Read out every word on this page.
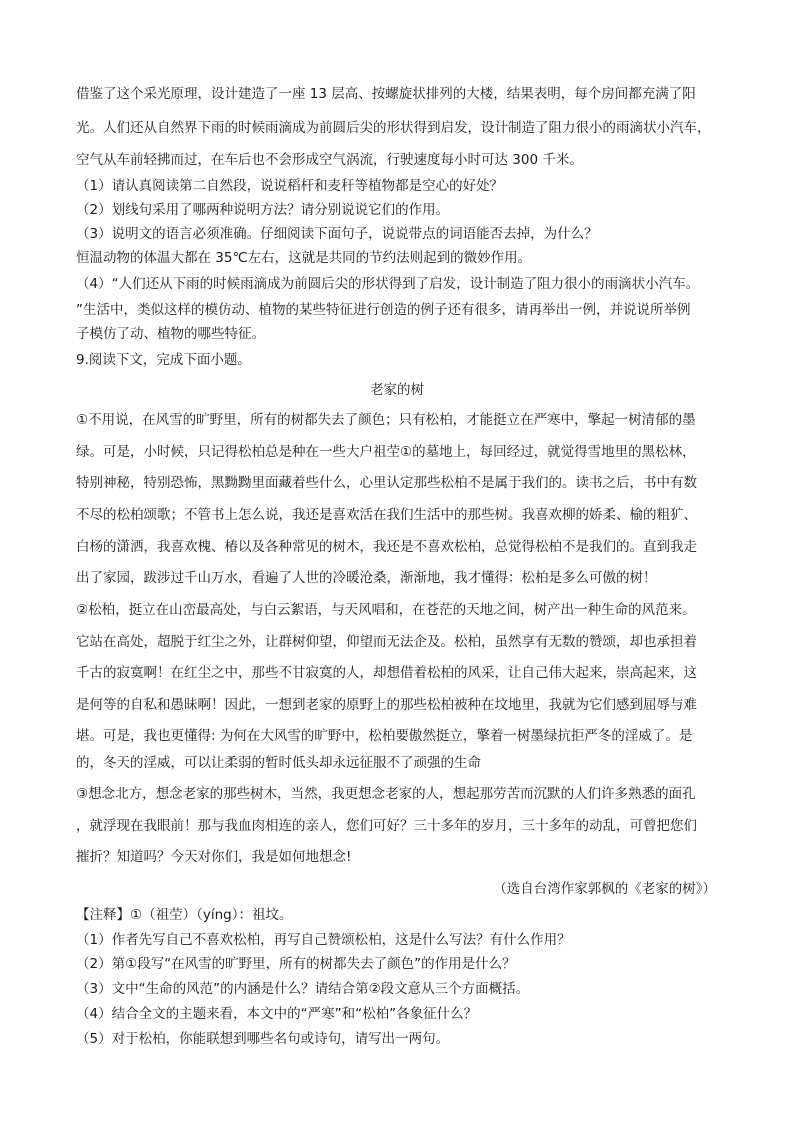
借鉴了这个采光原理，设计建造了一座 13 层高、按螺旋状排列的大楼，结果表明，每个房间都充满了阳
光。人们还从自然界下雨的时候雨滴成为前圆后尖的形状得到启发，设计制造了阻力很小的雨滴状小汽车，
空气从车前轻拂而过，在车后也不会形成空气涡流，行驶速度每小时可达 300 千米。
（1）请认真阅读第二自然段，说说稻杆和麦秆等植物都是空心的好处？
（2）划线句采用了哪两种说明方法？请分别说说它们的作用。
（3）说明文的语言必须准确。仔细阅读下面句子，说说带点的词语能否去掉，为什么？
恒温动物的体温大都在 35℃左右，这就是共同的节约法则起到的微妙作用。
（4）“人们还从下雨的时候雨滴成为前圆后尖的形状得到了启发，设计制造了阻力很小的雨滴状小汽车。
”生活中，类似这样的模仿动、植物的某些特征进行创造的例子还有很多，请再举出一例，并说说所举例
子模仿了动、植物的哪些特征。
9.阅读下文，完成下面小题。
老家的树
①不用说，在风雪的旷野里，所有的树都失去了颜色；只有松柏，才能挺立在严寒中，擎起一树清郁的墨
绿。可是，小时候，只记得松柏总是种在一些大户祖茔①的墓地上，每回经过，就觉得雪地里的黑松林，
特别神秘，特别恐怖，黑黝黝里面藏着些什么，心里认定那些松柏不是属于我们的。读书之后，书中有数
不尽的松柏颂歌；不管书上怎么说，我还是喜欢活在我们生活中的那些树。我喜欢柳的娇柔、榆的粗犷、
白杨的潇洒，我喜欢槐、椿以及各种常见的树木，我还是不喜欢松柏，总觉得松柏不是我们的。直到我走
出了家园，跋涉过千山万水，看遍了人世的冷暖沧桑，渐渐地，我才懂得：松柏是多么可傲的树！
②松柏，挺立在山峦最高处，与白云絮语，与天风唱和，在苍茫的天地之间，树产出一种生命的风范来。
它站在高处，超脱于红尘之外，让群树仰望，仰望而无法企及。松柏，虽然享有无数的赞颂，却也承担着
千古的寂寞啊！在红尘之中，那些不甘寂寞的人，却想借着松柏的风采，让自己伟大起来，崇高起来，这
是何等的自私和愚昧啊！因此，一想到老家的原野上的那些松柏被种在坟地里，我就为它们感到屈辱与难
堪。可是，我也更懂得: 为何在大风雪的旷野中，松柏要傲然挺立，擎着一树墨绿抗拒严冬的淫威了。是
的，冬天的淫威，可以让柔弱的暂时低头却永远征服不了顽强的生命
③想念北方，想念老家的那些树木，当然，我更想念老家的人，想起那劳苦而沉默的人们许多熟悉的面孔
，就浮现在我眼前！那与我血肉相连的亲人，您们可好？三十多年的岁月，三十多年的动乱，可曾把您们
摧折？知道吗？今天对你们，我是如何地想念!
（选自台湾作家郭枫的《老家的树》）
【注释】①（祖茔）（yíng）：祖坟。
（1）作者先写自己不喜欢松柏，再写自己赞颂松柏，这是什么写法？有什么作用？
（2）第①段写“在风雪的旷野里，所有的树都失去了颜色”的作用是什么？
（3）文中“生命的风范”的内涵是什么？请结合第②段文意从三个方面概括。
（4）结合全文的主题来看，本文中的“严寒”和“松柏”各象征什么？
（5）对于松柏，你能联想到哪些名句或诗句，请写出一两句。
